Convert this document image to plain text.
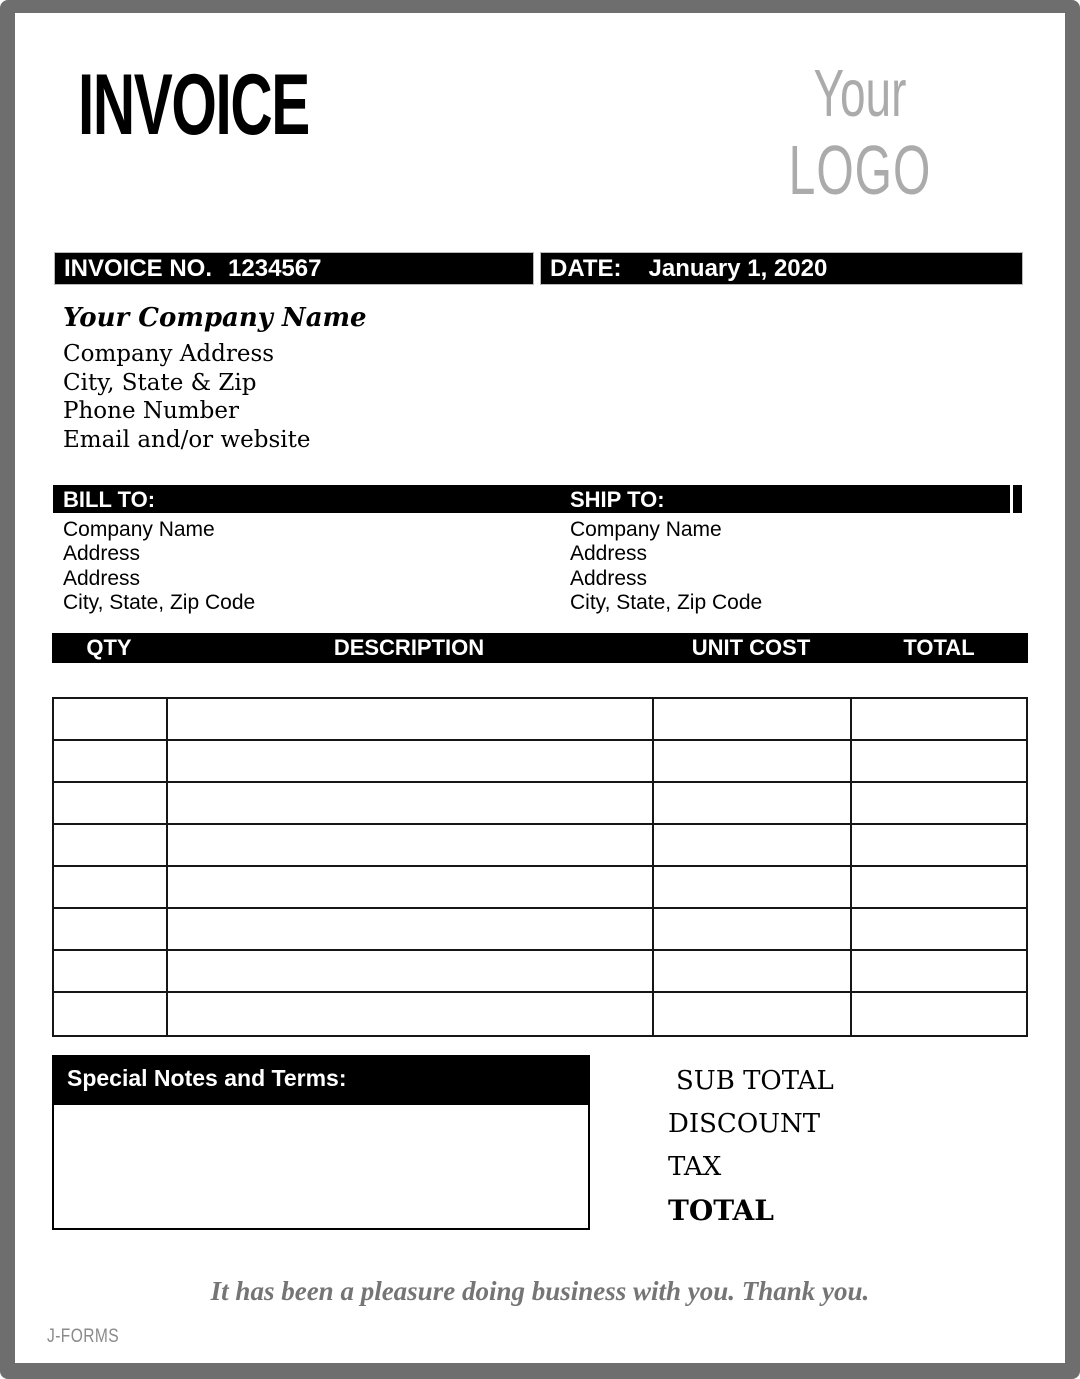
INVOICE	Your
LOGO
INVOICE NO. 1234567	DATE: January 1, 2020
Your Company Name
Company Address
City, State & Zip
Phone Number
Email and/or website
BILL TO:	SHIP TO:
Company Name
Address
Address
City, State, Zip Code
Company Name
Address
Address
City, State, Zip Code
QTY	DESCRIPTION	UNIT COST	TOTAL
Special Notes and Terms:	SUB TOTAL
DISCOUNT
TAX
TOTAL
It has been a pleasure doing business with you. Thank you.
J-FORMS
